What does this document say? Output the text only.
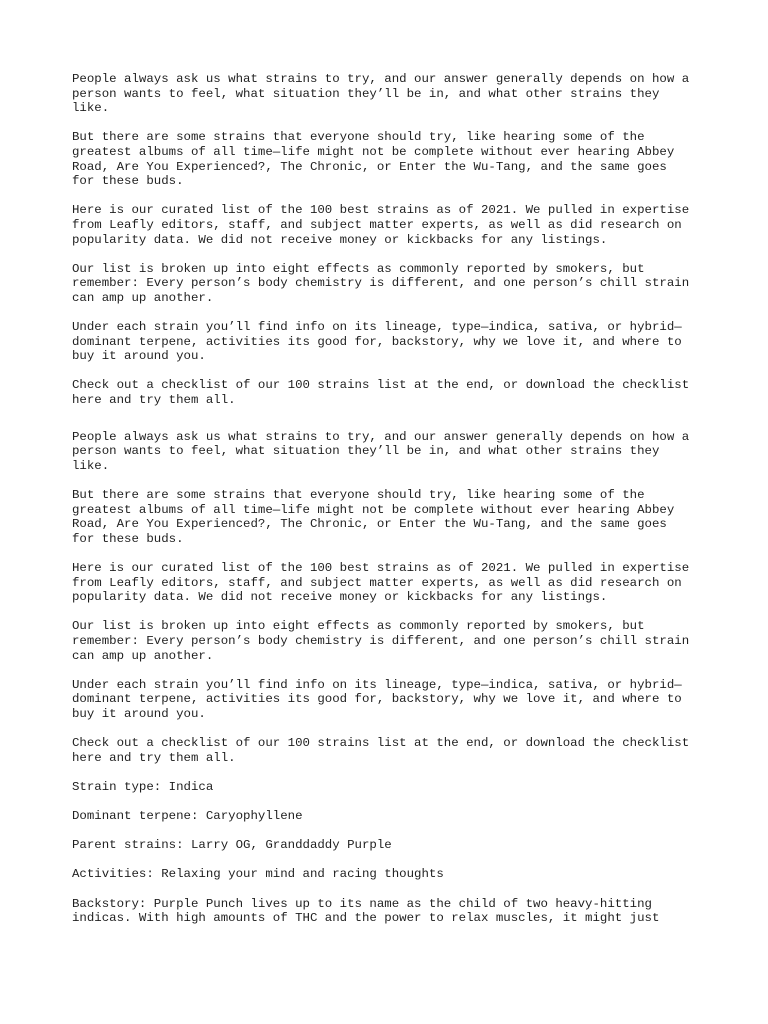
People always ask us what strains to try, and our answer generally depends on how a
person wants to feel, what situation they’ll be in, and what other strains they
like.

But there are some strains that everyone should try, like hearing some of the
greatest albums of all time—life might not be complete without ever hearing Abbey
Road, Are You Experienced?, The Chronic, or Enter the Wu-Tang, and the same goes
for these buds.

Here is our curated list of the 100 best strains as of 2021. We pulled in expertise
from Leafly editors, staff, and subject matter experts, as well as did research on
popularity data. We did not receive money or kickbacks for any listings.

Our list is broken up into eight effects as commonly reported by smokers, but
remember: Every person’s body chemistry is different, and one person’s chill strain
can amp up another.

Under each strain you’ll find info on its lineage, type—indica, sativa, or hybrid—
dominant terpene, activities its good for, backstory, why we love it, and where to
buy it around you.

Check out a checklist of our 100 strains list at the end, or download the checklist
here and try them all.

People always ask us what strains to try, and our answer generally depends on how a
person wants to feel, what situation they’ll be in, and what other strains they
like.

But there are some strains that everyone should try, like hearing some of the
greatest albums of all time—life might not be complete without ever hearing Abbey
Road, Are You Experienced?, The Chronic, or Enter the Wu-Tang, and the same goes
for these buds.

Here is our curated list of the 100 best strains as of 2021. We pulled in expertise
from Leafly editors, staff, and subject matter experts, as well as did research on
popularity data. We did not receive money or kickbacks for any listings.

Our list is broken up into eight effects as commonly reported by smokers, but
remember: Every person’s body chemistry is different, and one person’s chill strain
can amp up another.

Under each strain you’ll find info on its lineage, type—indica, sativa, or hybrid—
dominant terpene, activities its good for, backstory, why we love it, and where to
buy it around you.

Check out a checklist of our 100 strains list at the end, or download the checklist
here and try them all.

Strain type: Indica

Dominant terpene: Caryophyllene

Parent strains: Larry OG, Granddaddy Purple

Activities: Relaxing your mind and racing thoughts

Backstory: Purple Punch lives up to its name as the child of two heavy-hitting
indicas. With high amounts of THC and the power to relax muscles, it might just
